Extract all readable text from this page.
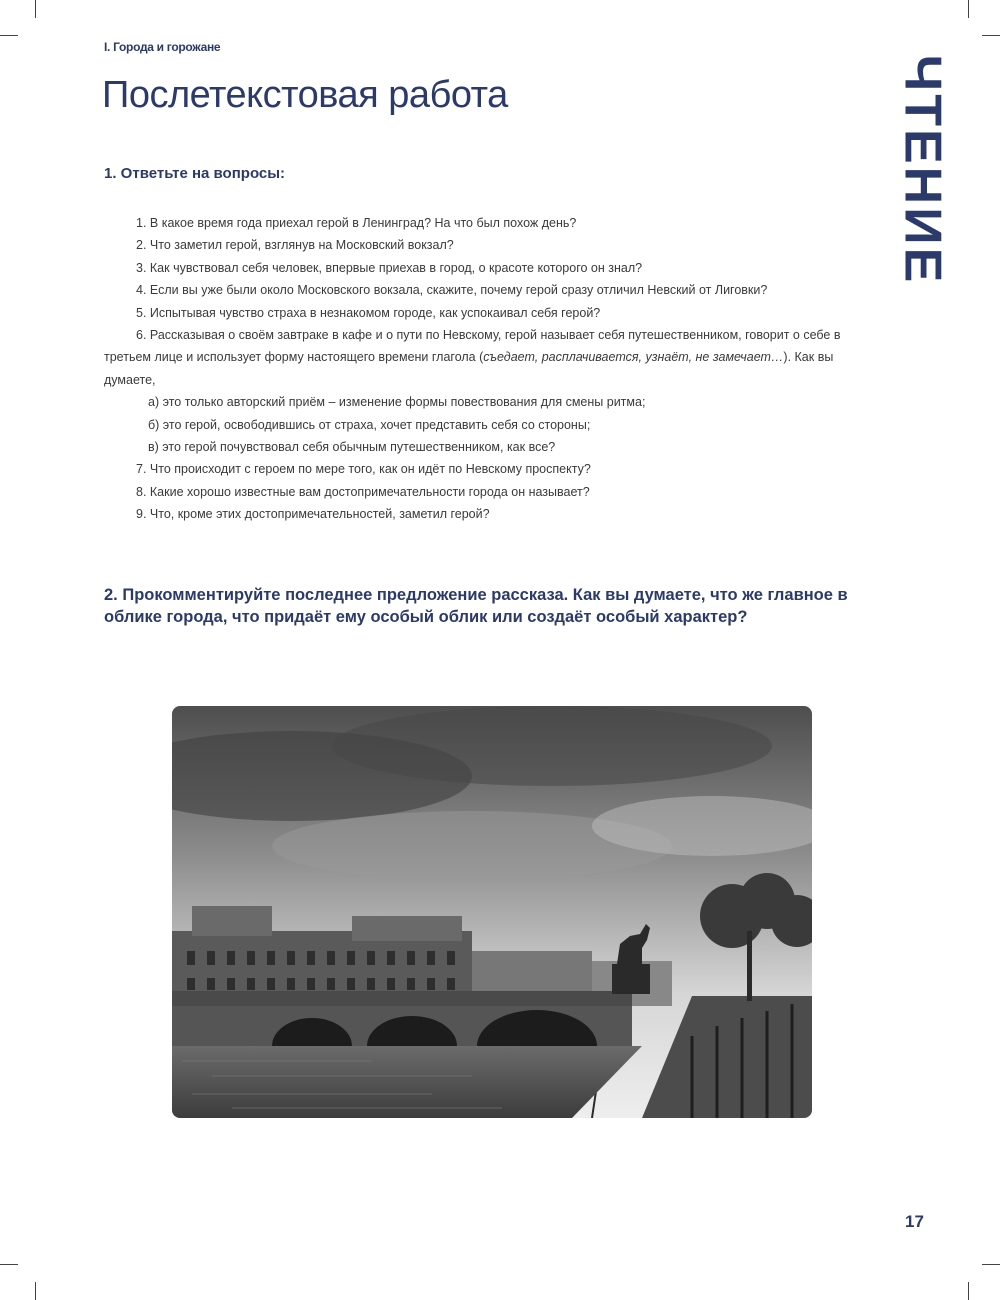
I. Города и горожане
Послетекстовая работа	ЧТЕНИЕ
1. Ответьте на вопросы:

1. В какое время года приехал герой в Ленинград? На что был похож день?

2. Что заметил герой, взглянув на Московский вокзал?

3. Как чувствовал себя человек, впервые приехав в город, о красоте которого он знал?

4. Если вы уже были около Московского вокзала, скажите, почему герой сразу отличил Невский от Лиговки?

5. Испытывая чувство страха в незнакомом городе, как успокаивал себя герой?

6. Рассказывая о своём завтраке в кафе и о пути по Невскому, герой называет себя путешественником, говорит о себе в третьем лице и использует форму настоящего времени глагола (съедает, расплачивается, узнаёт, не замечает…). Как вы думаете,

а) это только авторский приём – изменение формы повествования для смены ритма;

б) это герой, освободившись от страха, хочет представить себя со стороны;

в) это герой почувствовал себя обычным путешественником, как все?

7. Что происходит с героем по мере того, как он идёт по Невскому проспекту?

8. Какие хорошо известные вам достопримечательности города он называет?

9. Что, кроме этих достопримечательностей, заметил герой?

2. Прокомментируйте последнее предложение рассказа. Как вы думаете, что же главное в облике города, что придаёт ему особый облик или создаёт особый характер?
17
